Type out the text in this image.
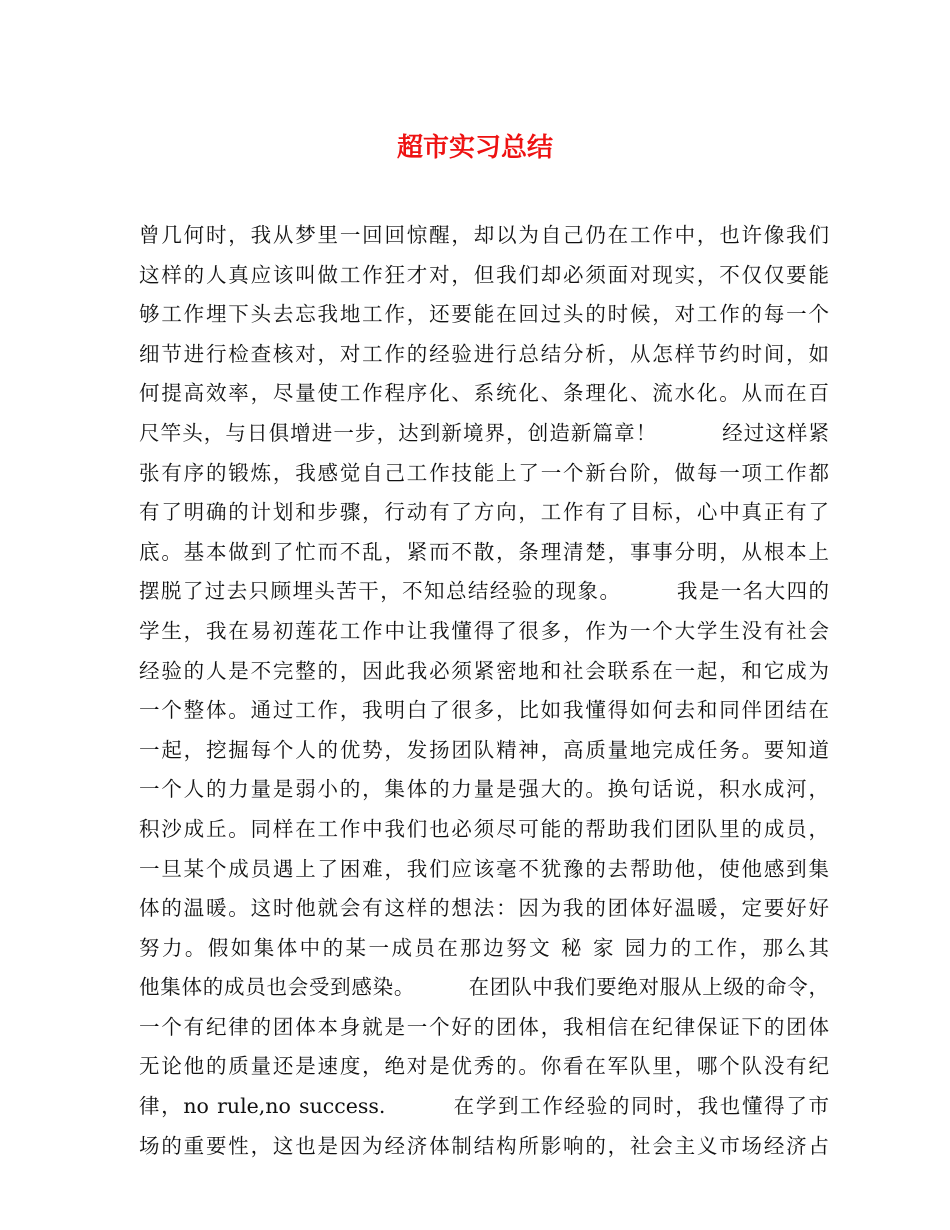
超市实习总结
曾几何时，我从梦里一回回惊醒，却以为自己仍在工作中，也许像我们
这样的人真应该叫做工作狂才对，但我们却必须面对现实，不仅仅要能
够工作埋下头去忘我地工作，还要能在回过头的时候，对工作的每一个
细节进行检查核对，对工作的经验进行总结分析，从怎样节约时间，如
何提高效率，尽量使工作程序化、系统化、条理化、流水化。从而在百
尺竿头，与日俱增进一步，达到新境界，创造新篇章！　　　经过这样紧
张有序的锻炼，我感觉自己工作技能上了一个新台阶，做每一项工作都
有了明确的计划和步骤，行动有了方向，工作有了目标，心中真正有了
底。基本做到了忙而不乱，紧而不散，条理清楚，事事分明，从根本上
摆脱了过去只顾埋头苦干，不知总结经验的现象。　　　我是一名大四的
学生，我在易初莲花工作中让我懂得了很多，作为一个大学生没有社会
经验的人是不完整的，因此我必须紧密地和社会联系在一起，和它成为
一个整体。通过工作，我明白了很多，比如我懂得如何去和同伴团结在
一起，挖掘每个人的优势，发扬团队精神，高质量地完成任务。要知道
一个人的力量是弱小的，集体的力量是强大的。换句话说，积水成河，
积沙成丘。同样在工作中我们也必须尽可能的帮助我们团队里的成员，
一旦某个成员遇上了困难，我们应该毫不犹豫的去帮助他，使他感到集
体的温暖。这时他就会有这样的想法：因为我的团体好温暖，定要好好
努力。假如集体中的某一成员在那边努文 秘 家 园力的工作，那么其
他集体的成员也会受到感染。　　　在团队中我们要绝对服从上级的命令，
一个有纪律的团体本身就是一个好的团体，我相信在纪律保证下的团体
无论他的质量还是速度，绝对是优秀的。你看在军队里，哪个队没有纪
律，no rule,no success.　　　在学到工作经验的同时，我也懂得了市
场的重要性，这也是因为经济体制结构所影响的，社会主义市场经济占
